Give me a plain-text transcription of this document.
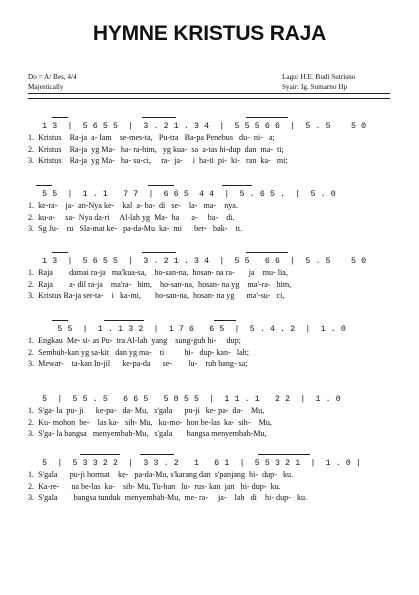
HYMNE KRISTUS RAJA
Do = A/ Bes, 4/4
Majestically
Lagu: H.E. Budi Sutrisno
Syair: Ig. Sumarno Hp
1 3  |  5 6 5 5  |  3 . 2 1 . 3 4  |  5 5 5 6 6  |  5 . 5    5 0
1.  Kristus    Ra-ja  a- lam    se-mes-ta,   Pu-tra   Ba-pa Penebus   du-  ni-   a;
2.  Kristus    Ra-ja  yg Ma-   ha- ra-him,   yg kua-  sa  a-tas hi-dup  dan  ma-  ti;
3.  Kristus    Ra-ja  yg Ma-   ha- su-ci,     ra-  ja-     i  ha-ti  pi-  ki-   ran  ka-   mi;
5 5  |  1 . 1   7 7  |  6 6 5  4 4  |  5 . 6 5 .  |  5 . 0
1.  ke-ra-    ja-  an-Nya ke-    kal  a- ba-  di   se-    la-   ma-    nya.
2.  ku-a-     sa-  Nya da-ri     Al-lah yg  Ma-  ha      a-     ba-    di.
3.  Sg Ju-    ru   Sla-mat ke-   pa-da-Mu  ka-  mi      ber-   bak-    ti.
1 3  |  5 6 5 5  |  3 . 2 1 . 3 4  |  5 5   6 6  |  5 . 5    5 0
1.  Raja        damai ra-ja   ma'kua-sa,    ho-san-na,  hosan- na ra-       ja    mu- lia,
2.  Raja        a- dil ra-ja    ma'ra-   him,    ho-san-na,  hosan- na yg    ma'-ra-   him,
3.  Kristus Ra-ja ser-ta-    i   ka-mi,       ho-san-na,  hosan- na yg      ma'-su-   ci,
5 5  |  1 . 1 3 2  |  1 7 6   6 5  |  5 . 4 . 2  |  1 . 0
1.  Engkau  Me- si- as Pu-  tra Al-lah  yang    sung-guh hi-     dup;
2.  Sembuh-kan yg sa-kit   dan yg ma-    ti          hi-   dup- kan-   lah;
3.  Mewar-    ta-kan In-jil      ke-pa-da      se-        lu-    ruh bang- sa;
5  |  5 5 . 5   6 6 5   5 0 5 5  |  1 1 . 1   2 2  |  1 . 0
1.  S'ga- la  pu- ji      ke-pa-   da- Mu,   s'gala      pu-ji   ke- pa-  da-    Mu,
2.  Ku- mohon  be-    las ka-   sih- Mu,   ku-mo-  hon be-las  ka-  sih-    Mu,
3.  S'ga- la bangsa   menyembah-Mu,   s'gala       bangsa menyembah-Mu,
5  |  5 3 3 2 2  |  3 3 . 2   1   6 1  |  5 5 3 2 1  |  1 . 0 |
1.  S'gala      pu-ji hormat    ke-   pa-da-Mu, s'karang dan  s'panjang  hi-  dup-   ku.
2.  Ka-re-      na be-las  ka-    sih- Mu, Tu-han   lu-  rus- kan  jan   hi- dup-  ku.
3.  S'gala        bangsa tunduk  menyembah-Mu,  me- ra-     ja-    lah   di    hi- dup-   ku.
